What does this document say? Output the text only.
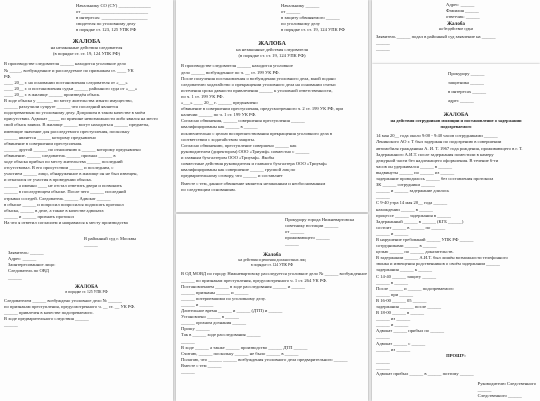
Начальнику СО (СУ) ______________

от _____________________________

в интересах: ____________________

свидетеля по уголовному делу

в порядке ст. 123, 125 УПК РФ

ЖАЛОБА

на незаконные действия следователя

(в порядке ст. ст. 19, 124 УПК РФ)

В производстве следователя ______ находится уголовное дело

№ _____, возбужденное и расследуемое по признакам ст. ____ УК

РФ.

____ 20__ г. на основании постановления следователя от «___»

____ 20__ г. и постановления судьи ______ районного суда от «___»

____ 20__ г. в жилище ______ произведён обыск.

В ходе обыска у _______ по месту жительства изъято имущество,

______ разлучили супруге ______ что последний является

подозреваемым по уголовному делу. Допрошен в таком качестве в моём

присутствии. Адвокат _____ по причине невозможности либо явился на место

свой обыск заявил. В жилище ______ могут находиться ______ предметы,

имеющие значение для расследуемого преступления, поскольку

______ является ______ которому предъявлено

обвинение в совершении преступления.

______ другой ______ по отношению к ______ которому предъявлено

обвинение. ______ следователь ______ признал ______ в

ходе обыска прибыл по месту жительства ______ последний

отсутствовал. В его присутствии ______ и последним, с

участием ______ лицо, обнаруженное в жилище он не был извещен,

и отказался от участия в проведении обыска.

______ а именно ____ не отстал ответить двери и позвонить

______ в последующем обыске. После чего ______ последний

отрывал соседей. Следователь ______ Адвокат ______

в обыске ______ и попросил попросился подписать протокол

обыска, ______ в деле, а также в качестве адвоката

______ и ______ признать протокол

На что я ответил согласием и направился к месту производства

В районный суд г. Москвы

______

Заявитель: ______

Адрес: ______

Заинтересованное лицо:

Следователь по ОВД

______

ЖАЛОБА

в порядке ст. 125 УПК РФ

Следователем ______ возбуждено уголовное дело № ______

по признакам преступления, предусмотренного ч. __ ст. __ УК РФ.

______ привлечен в качестве подозреваемого.

В ходе предварительного следствия ______

______

Начальнику ______

от ______

в защиту обвиняемого ______

по уголовному делу

в порядке ст. ст. 19, 124 УПК РФ

ЖАЛОБА

на незаконные действия следователя

(в порядке ст. ст. 19, 124 УПК РФ)

В производстве следователя ______ находится уголовное

дело ______ возбужденное по ч. __ ст. 199 УК РФ.

После получения постановления о возбуждении уголовного дела, мной подано

следователю ходатайство о прекращении уголовного дела на основании статьи

истечения срока давности привлечения ______ к уголовной ответственности,

по ч. 1 ст. 199 УК РФ.

«___» ____ 20__ г. ______ предъявлено

обвинение в совершении преступления, предусмотренного ч. 2 ст. 199 УК РФ, при

наличии ______ по ч. 1 ст. 199 УК РФ.

Согласно обвинения, ______ совершения преступления ______

квалифицированы как ______ в ______

исключительно с целью воспрепятствования прекращения уголовного дела в

соответствии с ходатайством защиты.

Согласно обвинению, преступление совершено ______ как

руководителем (директором) ООО «Триумф» совместно с ______

и главным бухгалтером ООО «Триумф». Якобы

совместные действия руководителя и главного бухгалтера ООО «Триумф»

квалифицированы как совершение ______ группой лиц по

предварительному сговору, что ______ и составляет

Вместе с тем, данное обвинение является незаконным и необоснованным

по следующим основаниям.

Прокурору города Нижневартовска

советнику юстиции ______

от ______

проживающего ______

______

Жалоба

на действия и решения должностных лиц

в порядке ст. 124 УПК РФ

В ОД МОВД по городу Нижневартовску расследуется уголовное дело № ______ возбужденное

______ по признакам преступления, предусмотренного ч. 1 ст. 264 УК РФ.

Постановлением ______ в ходе расследования ______ и ______

______ признаны ______ и ______

______ потерпевшими по уголовному делу.

______ и ______

Длительное время ______ и ______ (ДТП) и ______

Установлено ______ в ______

______ органом дознания ______

Прошу ______

Так в ______ ходе расследования ______

______

В ходе ______ а также ______ производство ______ ДТП ______

Считаю, ______ поскольку ______ не было ______ в ______

Полагаю, что ______ ______ возбуждения уголовного дела предварительного ______

Вместе с тем ______

______

Адрес: ______

Фамилия ______

ответчик: ______

Жалоба

на бездействие судьи

Заявитель ______ подал в районный суд заявление на ______

______

______

Прокурору ______

защитника ______

в интересах ______

адрес ______

ЖАЛОБА

на действия сотрудников милиции и постановление о задержании

подозреваемого

14 мая 20__ года около 9:00 - 9:40 часов сотрудниками ______

Ленинского АО г. Т был задержан по подозрению в совершении

автомобиля гражданина А. И. Т. 1967 года рождения, проживающего в г. Т.

Задержанного А.И.Т. после задержания поместили в камеру

дежурной части без надлежащего оформления. В течение 6-ти

часов он удерживался ______ в ______

выдвинуты ______ по ______ из ______

задержание проводилось ______ без составления протокола

ЗК ______ сотрудники ______

______ и ______ задержание длилось

______

С 9-40 утра 14 мая 20__ года ______

нахождении ______ в ______

процессе ______ задержания в ______

Задержанный ______ в ______ (КГБ ______)

состоит ______ в ______ по ______

______ и ______

В нарушение требований ______ УПК РФ ______

сотрудниками ______ в ______

целью ______ по ______ доказательств.

В задержании ______ А.И.Т. был лишён возможности телефонного

звонка и извещения родственников о своём задержании ______

задержания ______ к ______

С 14-40 ______ защиту ______

______ в ______

После ______ и ______ подозреваемого

______ при ______

В 16-00 ______ 05 ______

задержания ______ после ______

В 18-00 ______ в ______

______ из ______

______ и ______

Адвокат ______ прибыл по ______

______

Адвокат ______ с ______

______ из ______

ПРОШУ:

______

______

Адвокат прибыл ______ в ______ поэтому ______

Руководителю Следственного

______

Следственного ______
